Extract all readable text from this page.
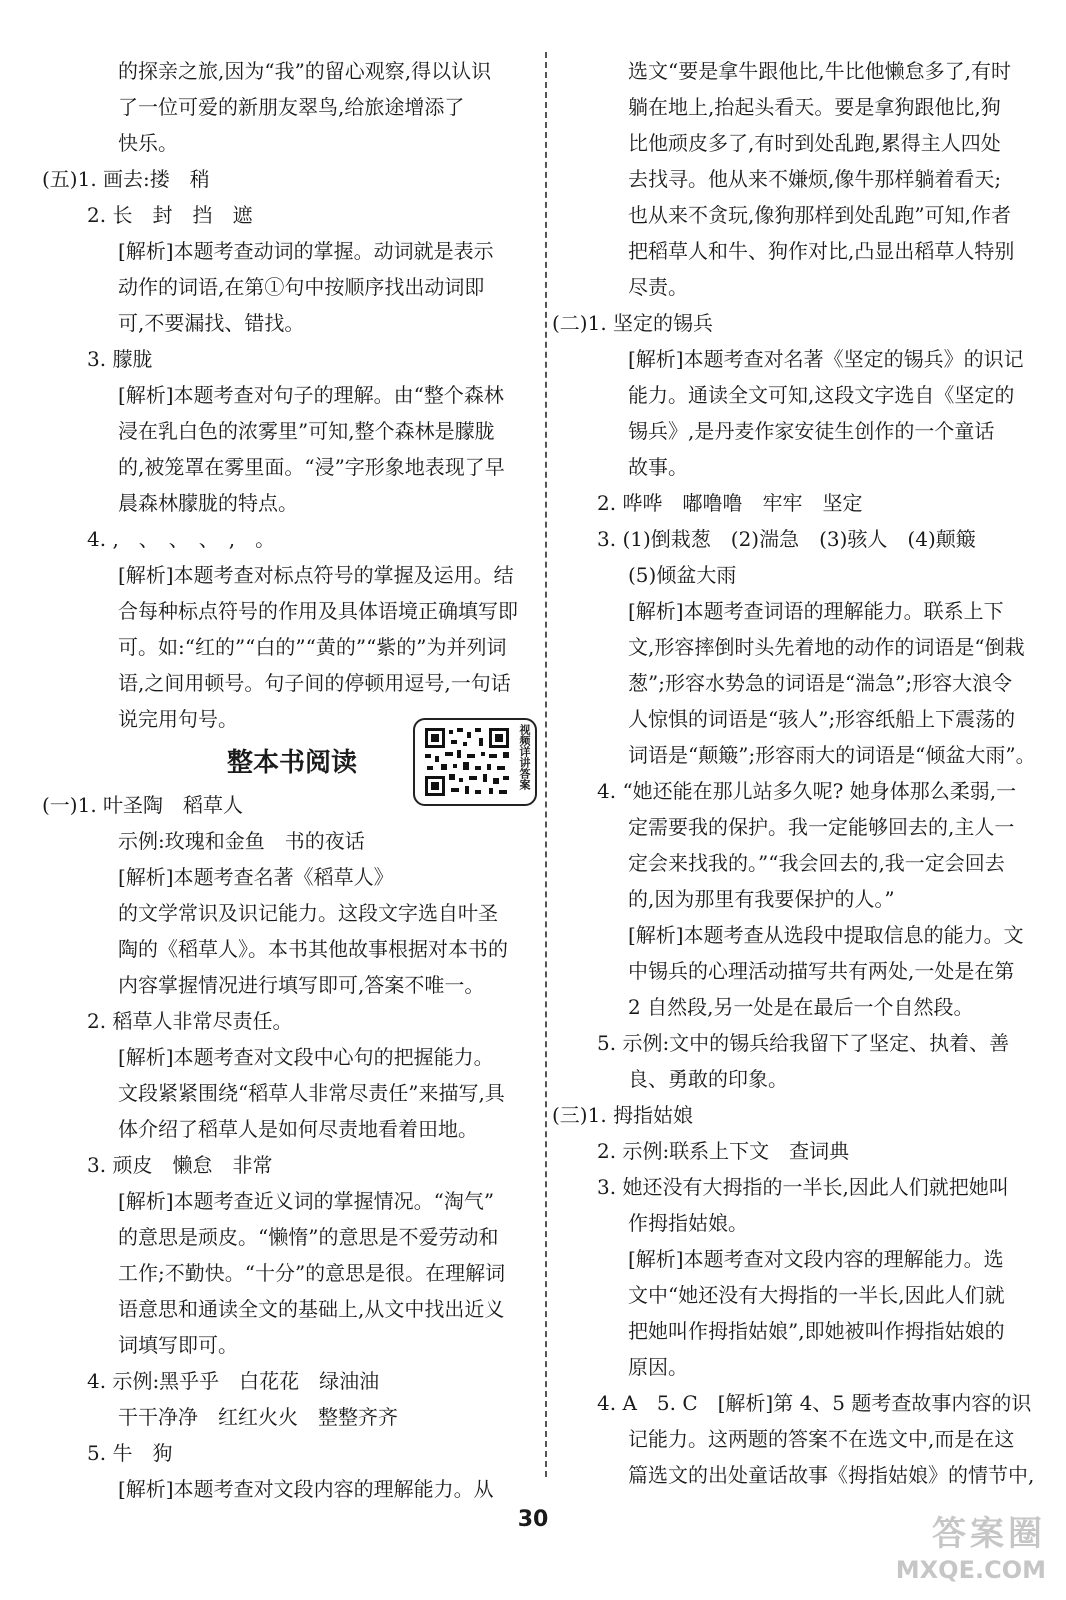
的探亲之旅,因为“我”的留心观察,得以认识
了一位可爱的新朋友翠鸟,给旅途增添了
快乐。
(五)1. 画去:搂　稍
2. 长　封　挡　遮
[解析]本题考查动词的掌握。动词就是表示
动作的词语,在第①句中按顺序找出动词即
可,不要漏找、错找。
3. 朦胧
[解析]本题考查对句子的理解。由“整个森林
浸在乳白色的浓雾里”可知,整个森林是朦胧
的,被笼罩在雾里面。“浸”字形象地表现了早
晨森林朦胧的特点。
4. ,　、　、　、　,　。
[解析]本题考查对标点符号的掌握及运用。结
合每种标点符号的作用及具体语境正确填写即
可。如:“红的”“白的”“黄的”“紫的”为并列词
语,之间用顿号。句子间的停顿用逗号,一句话
说完用句号。
整本书阅读
(一)1. 叶圣陶　稻草人
示例:玫瑰和金鱼　书的夜话
[解析]本题考查名著《稻草人》
的文学常识及识记能力。这段文字选自叶圣
陶的《稻草人》。本书其他故事根据对本书的
内容掌握情况进行填写即可,答案不唯一。
2. 稻草人非常尽责任。
[解析]本题考查对文段中心句的把握能力。
文段紧紧围绕“稻草人非常尽责任”来描写,具
体介绍了稻草人是如何尽责地看着田地。
3. 顽皮　懒怠　非常
[解析]本题考查近义词的掌握情况。“淘气”
的意思是顽皮。“懒惰”的意思是不爱劳动和
工作;不勤快。“十分”的意思是很。在理解词
语意思和通读全文的基础上,从文中找出近义
词填写即可。
4. 示例:黑乎乎　白花花　绿油油
干干净净　红红火火　整整齐齐
5. 牛　狗
[解析]本题考查对文段内容的理解能力。从
选文“要是拿牛跟他比,牛比他懒怠多了,有时
躺在地上,抬起头看天。要是拿狗跟他比,狗
比他顽皮多了,有时到处乱跑,累得主人四处
去找寻。他从来不嫌烦,像牛那样躺着看天;
也从来不贪玩,像狗那样到处乱跑”可知,作者
把稻草人和牛、狗作对比,凸显出稻草人特别
尽责。
(二)1. 坚定的锡兵
[解析]本题考查对名著《坚定的锡兵》的识记
能力。通读全文可知,这段文字选自《坚定的
锡兵》,是丹麦作家安徒生创作的一个童话
故事。
2. 哗哗　嘟噜噜　牢牢　坚定
3. (1)倒栽葱　(2)湍急　(3)骇人　(4)颠簸
(5)倾盆大雨
[解析]本题考查词语的理解能力。联系上下
文,形容摔倒时头先着地的动作的词语是“倒栽
葱”;形容水势急的词语是“湍急”;形容大浪令
人惊惧的词语是“骇人”;形容纸船上下震荡的
词语是“颠簸”;形容雨大的词语是“倾盆大雨”。
4. “她还能在那儿站多久呢? 她身体那么柔弱,一
定需要我的保护。我一定能够回去的,主人一
定会来找我的。”“我会回去的,我一定会回去
的,因为那里有我要保护的人。”
[解析]本题考查从选段中提取信息的能力。文
中锡兵的心理活动描写共有两处,一处是在第
2 自然段,另一处是在最后一个自然段。
5. 示例:文中的锡兵给我留下了坚定、执着、善
良、勇敢的印象。
(三)1. 拇指姑娘
2. 示例:联系上下文　查词典
3. 她还没有大拇指的一半长,因此人们就把她叫
作拇指姑娘。
[解析]本题考查对文段内容的理解能力。选
文中“她还没有大拇指的一半长,因此人们就
把她叫作拇指姑娘”,即她被叫作拇指姑娘的
原因。
4. A　5. C　[解析]第 4、5 题考查故事内容的识
记能力。这两题的答案不在选文中,而是在这
篇选文的出处童话故事《拇指姑娘》的情节中,
视频详讲答案
30	答案圈
MXQE.COM
